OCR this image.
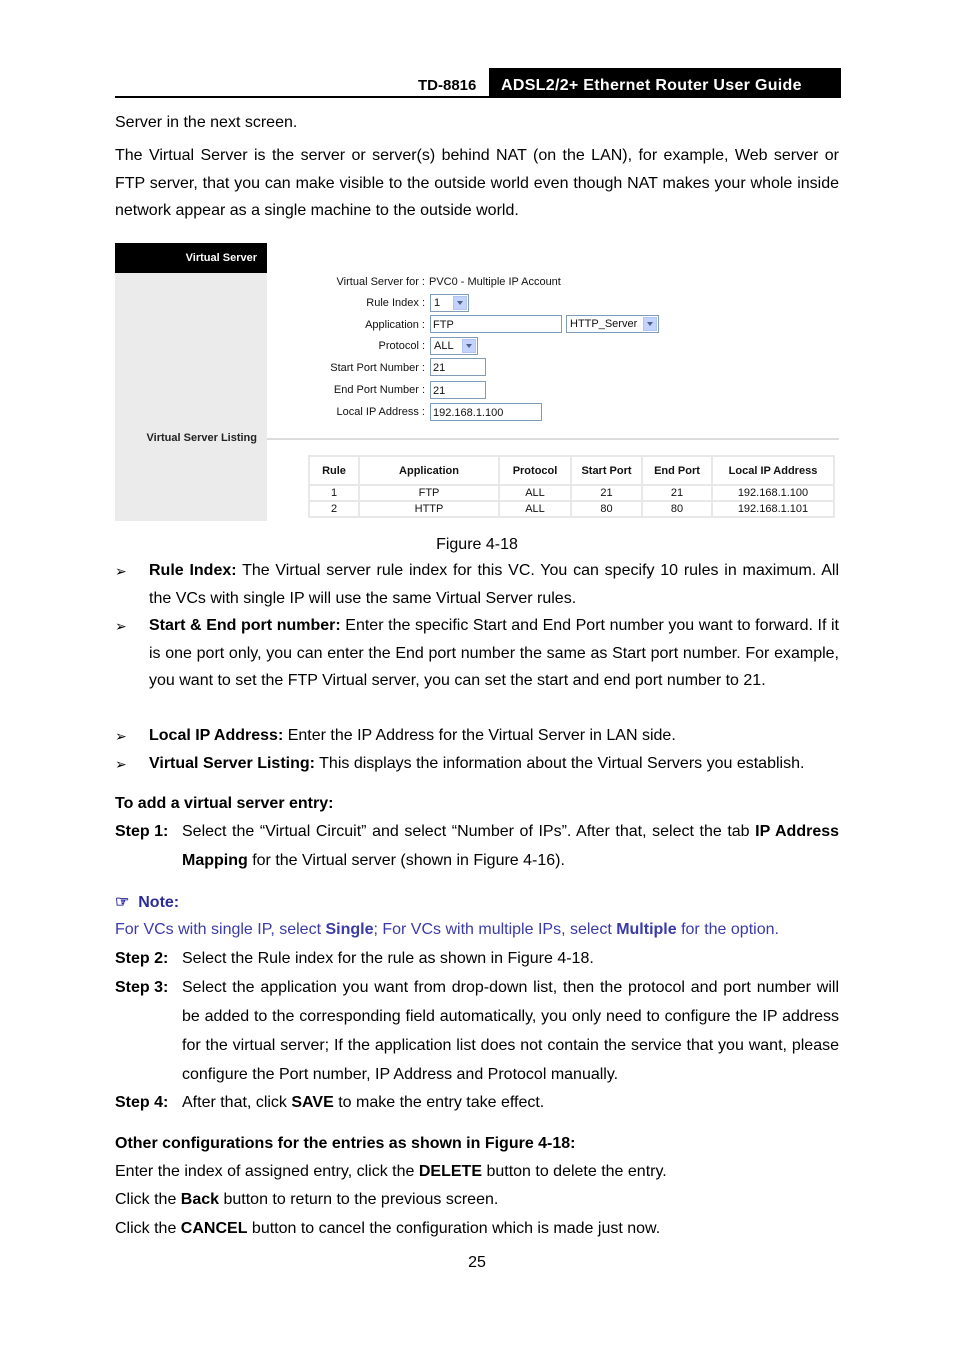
TD-8816	ADSL2/2+ Ethernet Router User Guide
Server in the next screen.
The Virtual Server is the server or server(s) behind NAT (on the LAN), for example, Web server or FTP server, that you can make visible to the outside world even though NAT makes your whole inside network appear as a single machine to the outside world.
Virtual Server
Virtual Server Listing
Virtual Server for : PVC0 - Multiple IP Account
Rule Index : 1
Application : FTP	HTTP_Server
Protocol : ALL
Start Port Number : 21
End Port Number : 21
Local IP Address : 192.168.1.100
Rule	Application	Protocol	Start Port	End Port	Local IP Address
1	FTP	ALL	21	21	192.168.1.100
2	HTTP	ALL	80	80	192.168.1.101
Figure 4-18
➢ Rule Index: The Virtual server rule index for this VC. You can specify 10 rules in maximum. All the VCs with single IP will use the same Virtual Server rules.
➢ Start & End port number: Enter the specific Start and End Port number you want to forward. If it is one port only, you can enter the End port number the same as Start port number. For example, you want to set the FTP Virtual server, you can set the start and end port number to 21.
➢ Local IP Address: Enter the IP Address for the Virtual Server in LAN side.
➢ Virtual Server Listing: This displays the information about the Virtual Servers you establish.
To add a virtual server entry:
Step 1: Select the “Virtual Circuit” and select “Number of IPs”. After that, select the tab IP Address Mapping for the Virtual server (shown in Figure 4-16).
☞ Note:
For VCs with single IP, select Single; For VCs with multiple IPs, select Multiple for the option.
Step 2: Select the Rule index for the rule as shown in Figure 4-18.
Step 3: Select the application you want from drop-down list, then the protocol and port number will be added to the corresponding field automatically, you only need to configure the IP address for the virtual server; If the application list does not contain the service that you want, please configure the Port number, IP Address and Protocol manually.
Step 4: After that, click SAVE to make the entry take effect.
Other configurations for the entries as shown in Figure 4-18:
Enter the index of assigned entry, click the DELETE button to delete the entry.
Click the Back button to return to the previous screen.
Click the CANCEL button to cancel the configuration which is made just now.
25
